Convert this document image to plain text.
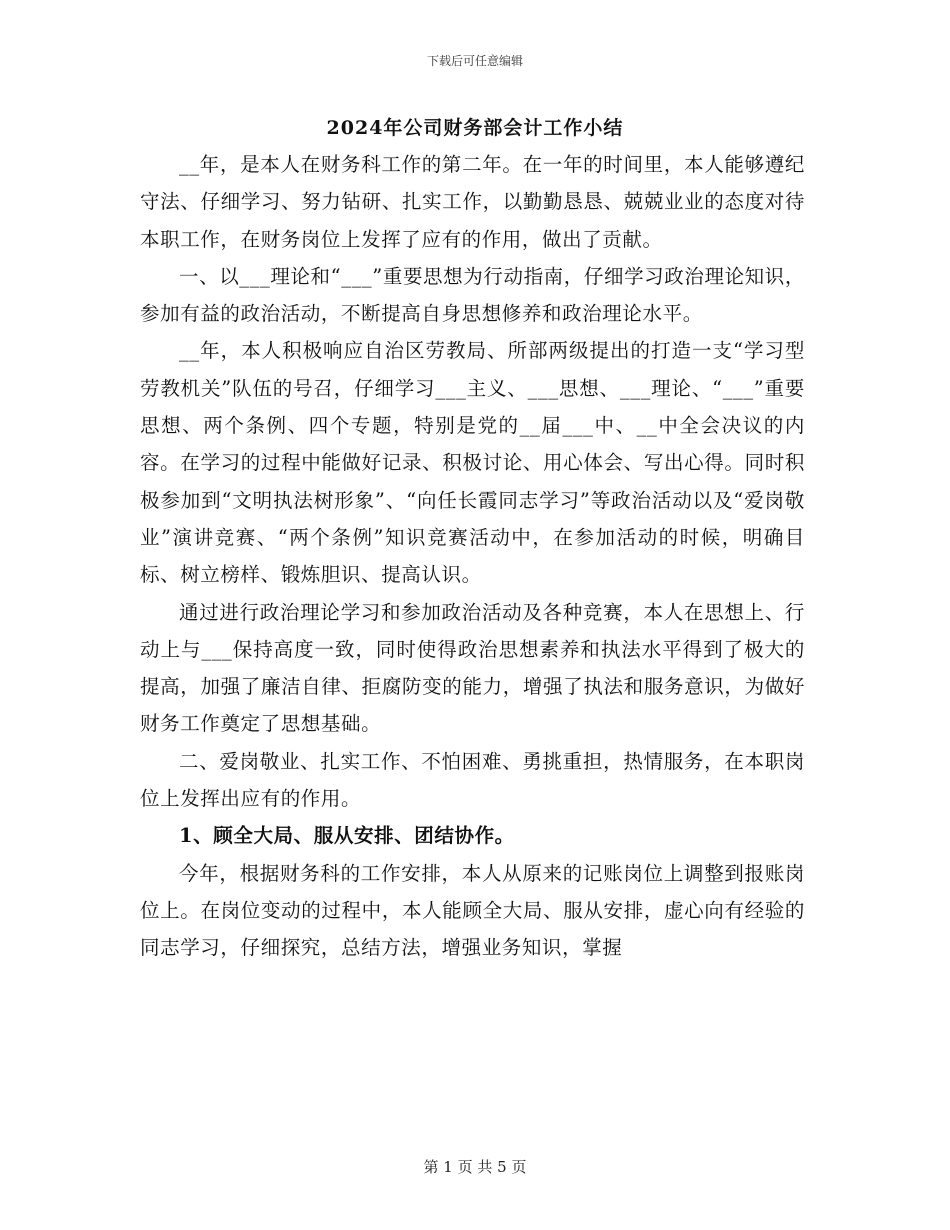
下载后可任意编辑
2024年公司财务部会计工作小结

__年，是本人在财务科工作的第二年。在一年的时间里，本人能够遵纪守法、仔细学习、努力钻研、扎实工作，以勤勤恳恳、兢兢业业的态度对待本职工作，在财务岗位上发挥了应有的作用，做出了贡献。

一、以___理论和“___”重要思想为行动指南，仔细学习政治理论知识，参加有益的政治活动，不断提高自身思想修养和政治理论水平。

__年，本人积极响应自治区劳教局、所部两级提出的打造一支“学习型劳教机关”队伍的号召，仔细学习___主义、___思想、___理论、“___”重要思想、两个条例、四个专题，特别是党的__届___中、__中全会决议的内容。在学习的过程中能做好记录、积极讨论、用心体会、写出心得。同时积极参加到“文明执法树形象”、“向任长霞同志学习”等政治活动以及“爱岗敬业”演讲竞赛、“两个条例”知识竞赛活动中，在参加活动的时候，明确目标、树立榜样、锻炼胆识、提高认识。

通过进行政治理论学习和参加政治活动及各种竞赛，本人在思想上、行动上与___保持高度一致，同时使得政治思想素养和执法水平得到了极大的提高，加强了廉洁自律、拒腐防变的能力，增强了执法和服务意识，为做好财务工作奠定了思想基础。

二、爱岗敬业、扎实工作、不怕困难、勇挑重担，热情服务，在本职岗位上发挥出应有的作用。

1、顾全大局、服从安排、团结协作。

今年，根据财务科的工作安排，本人从原来的记账岗位上调整到报账岗位上。在岗位变动的过程中，本人能顾全大局、服从安排，虚心向有经验的同志学习，仔细探究，总结方法，增强业务知识，掌握

第 1 页 共 5 页
